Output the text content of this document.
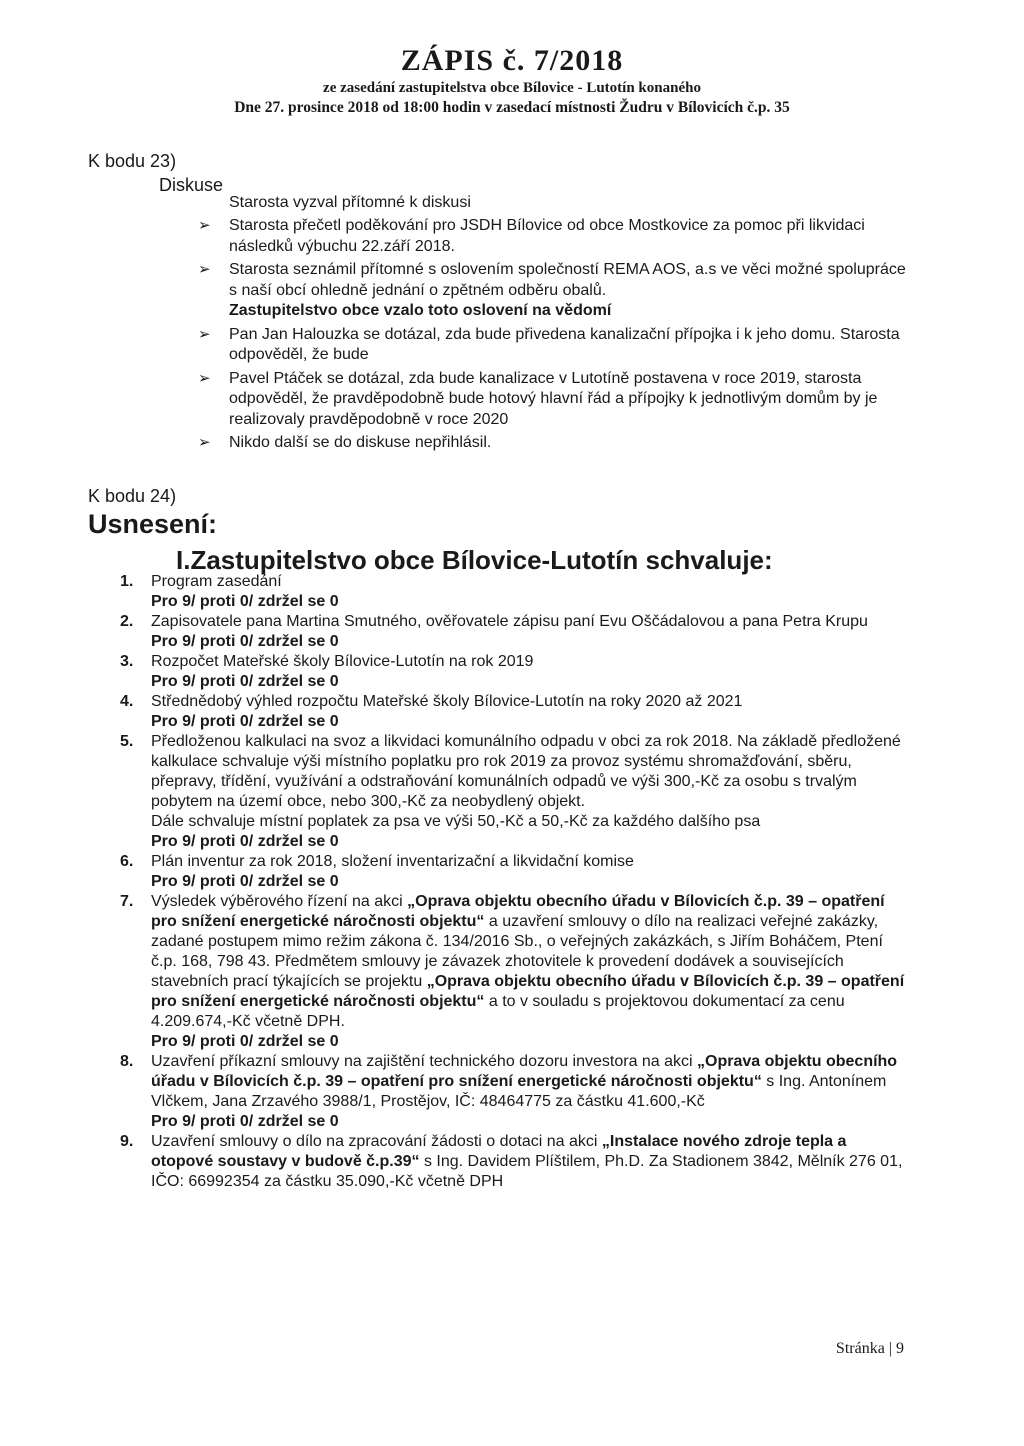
ZÁPIS č. 7/2018
ze zasedání zastupitelstva obce Bílovice - Lutotín konaného
Dne 27. prosince 2018 od 18:00 hodin v zasedací místnosti Žudru v Bílovicích č.p. 35
K bodu 23)
Diskuse
Starosta vyzval přítomné k diskusi
➢ Starosta přečetl poděkování pro JSDH Bílovice od obce Mostkovice za pomoc při likvidaci následků výbuchu 22.září 2018.
➢ Starosta seznámil přítomné s oslovením společností REMA AOS, a.s ve věci možné spolupráce s naší obcí ohledně jednání o zpětném odběru obalů.
Zastupitelstvo obce vzalo toto oslovení na vědomí
➢ Pan Jan Halouzka se dotázal, zda bude přivedena kanalizační přípojka i k jeho domu. Starosta odpověděl, že bude
➢ Pavel Ptáček se dotázal, zda bude kanalizace v Lutotíně postavena v roce 2019, starosta odpověděl, že pravděpodobně bude hotový hlavní řád a přípojky k jednotlivým domům by je realizovaly pravděpodobně v roce 2020
➢ Nikdo další se do diskuse nepřihlásil.
K bodu 24)
Usnesení:
I.Zastupitelstvo obce Bílovice-Lutotín schvaluje:
1. Program zasedání
Pro 9/ proti 0/ zdržel se 0
2. Zapisovatele pana Martina Smutného, ověřovatele zápisu paní Evu Oščádalovou a pana Petra Krupu
Pro 9/ proti 0/ zdržel se 0
3. Rozpočet Mateřské školy Bílovice-Lutotín na rok 2019
Pro 9/ proti 0/ zdržel se 0
4. Střednědobý výhled rozpočtu Mateřské školy Bílovice-Lutotín na roky 2020 až 2021
Pro 9/ proti 0/ zdržel se 0
5. Předloženou kalkulaci na svoz a likvidaci komunálního odpadu v obci za rok 2018. Na základě předložené kalkulace schvaluje výši místního poplatku pro rok 2019 za provoz systému shromažďování, sběru, přepravy, třídění, využívání a odstraňování komunálních odpadů ve výši 300,-Kč za osobu s trvalým pobytem na území obce, nebo 300,-Kč za neobydlený objekt.
Dále schvaluje místní poplatek za psa ve výši 50,-Kč a 50,-Kč za každého dalšího psa
Pro 9/ proti 0/ zdržel se 0
6. Plán inventur za rok 2018, složení inventarizační a likvidační komise
Pro 9/ proti 0/ zdržel se 0
7. Výsledek výběrového řízení na akci „Oprava objektu obecního úřadu v Bílovicích č.p. 39 – opatření pro snížení energetické náročnosti objektu“ a uzavření smlouvy o dílo na realizaci veřejné zakázky, zadané postupem mimo režim zákona č. 134/2016 Sb., o veřejných zakázkách, s Jiřím Boháčem, Ptení č.p. 168, 798 43. Předmětem smlouvy je závazek zhotovitele k provedení dodávek a souvisejících stavebních prací týkajících se projektu „Oprava objektu obecního úřadu v Bílovicích č.p. 39 – opatření pro snížení energetické náročnosti objektu“ a to v souladu s projektovou dokumentací za cenu 4.209.674,-Kč včetně DPH.
Pro 9/ proti 0/ zdržel se 0
8. Uzavření příkazní smlouvy na zajištění technického dozoru investora na akci „Oprava objektu obecního úřadu v Bílovicích č.p. 39 – opatření pro snížení energetické náročnosti objektu“ s Ing. Antonínem Vlčkem, Jana Zrzavého 3988/1, Prostějov, IČ: 48464775 za částku 41.600,-Kč
Pro 9/ proti 0/ zdržel se 0
9. Uzavření smlouvy o dílo na zpracování žádosti o dotaci na akci „Instalace nového zdroje tepla a otopové soustavy v budově č.p.39“ s Ing. Davidem Plíštilem, Ph.D. Za Stadionem 3842, Mělník 276 01, IČO: 66992354 za částku 35.090,-Kč včetně DPH
Stránka | 9
